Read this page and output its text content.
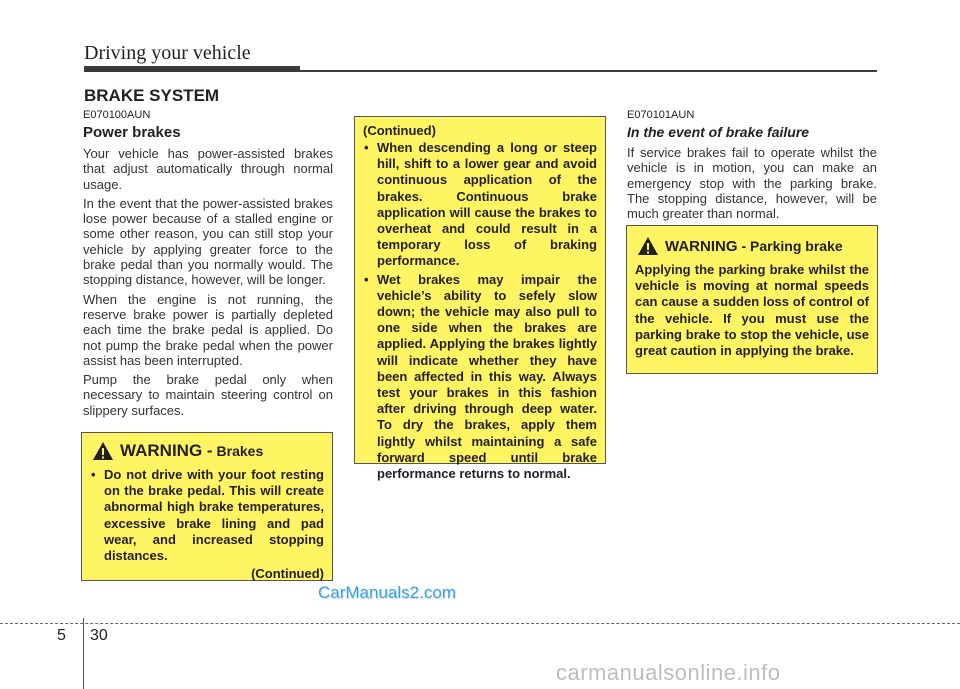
Driving your vehicle
BRAKE SYSTEM
E070100AUN
Power brakes

Your vehicle has power-assisted brakes that adjust automatically through normal usage.

In the event that the power-assisted brakes lose power because of a stalled engine or some other reason, you can still stop your vehicle by applying greater force to the brake pedal than you normally would. The stopping distance, however, will be longer.

When the engine is not running, the reserve brake power is partially depleted each time the brake pedal is applied. Do not pump the brake pedal when the power assist has been interrupted.

Pump the brake pedal only when necessary to maintain steering control on slippery surfaces.

WARNING - Brakes
• Do not drive with your foot resting on the brake pedal. This will create abnormal high brake temperatures, excessive brake lining and pad wear, and increased stopping distances.
(Continued)
(Continued)
• When descending a long or steep hill, shift to a lower gear and avoid continuous application of the brakes. Continuous brake application will cause the brakes to overheat and could result in a temporary loss of braking performance.
• Wet brakes may impair the vehicle’s ability to sefely slow down; the vehicle may also pull to one side when the brakes are applied. Applying the brakes lightly will indicate whether they have been affected in this way. Always test your brakes in this fashion after driving through deep water. To dry the brakes, apply them lightly whilst maintaining a safe forward speed until brake performance returns to normal.
E070101AUN
In the event of brake failure

If service brakes fail to operate whilst the vehicle is in motion, you can make an emergency stop with the parking brake. The stopping distance, however, will be much greater than normal.

WARNING - Parking brake
Applying the parking brake whilst the vehicle is moving at normal speeds can cause a sudden loss of control of the vehicle. If you must use the parking brake to stop the vehicle, use great caution in applying the brake.
CarManuals2.com
5 30
carmanualsonline.info
